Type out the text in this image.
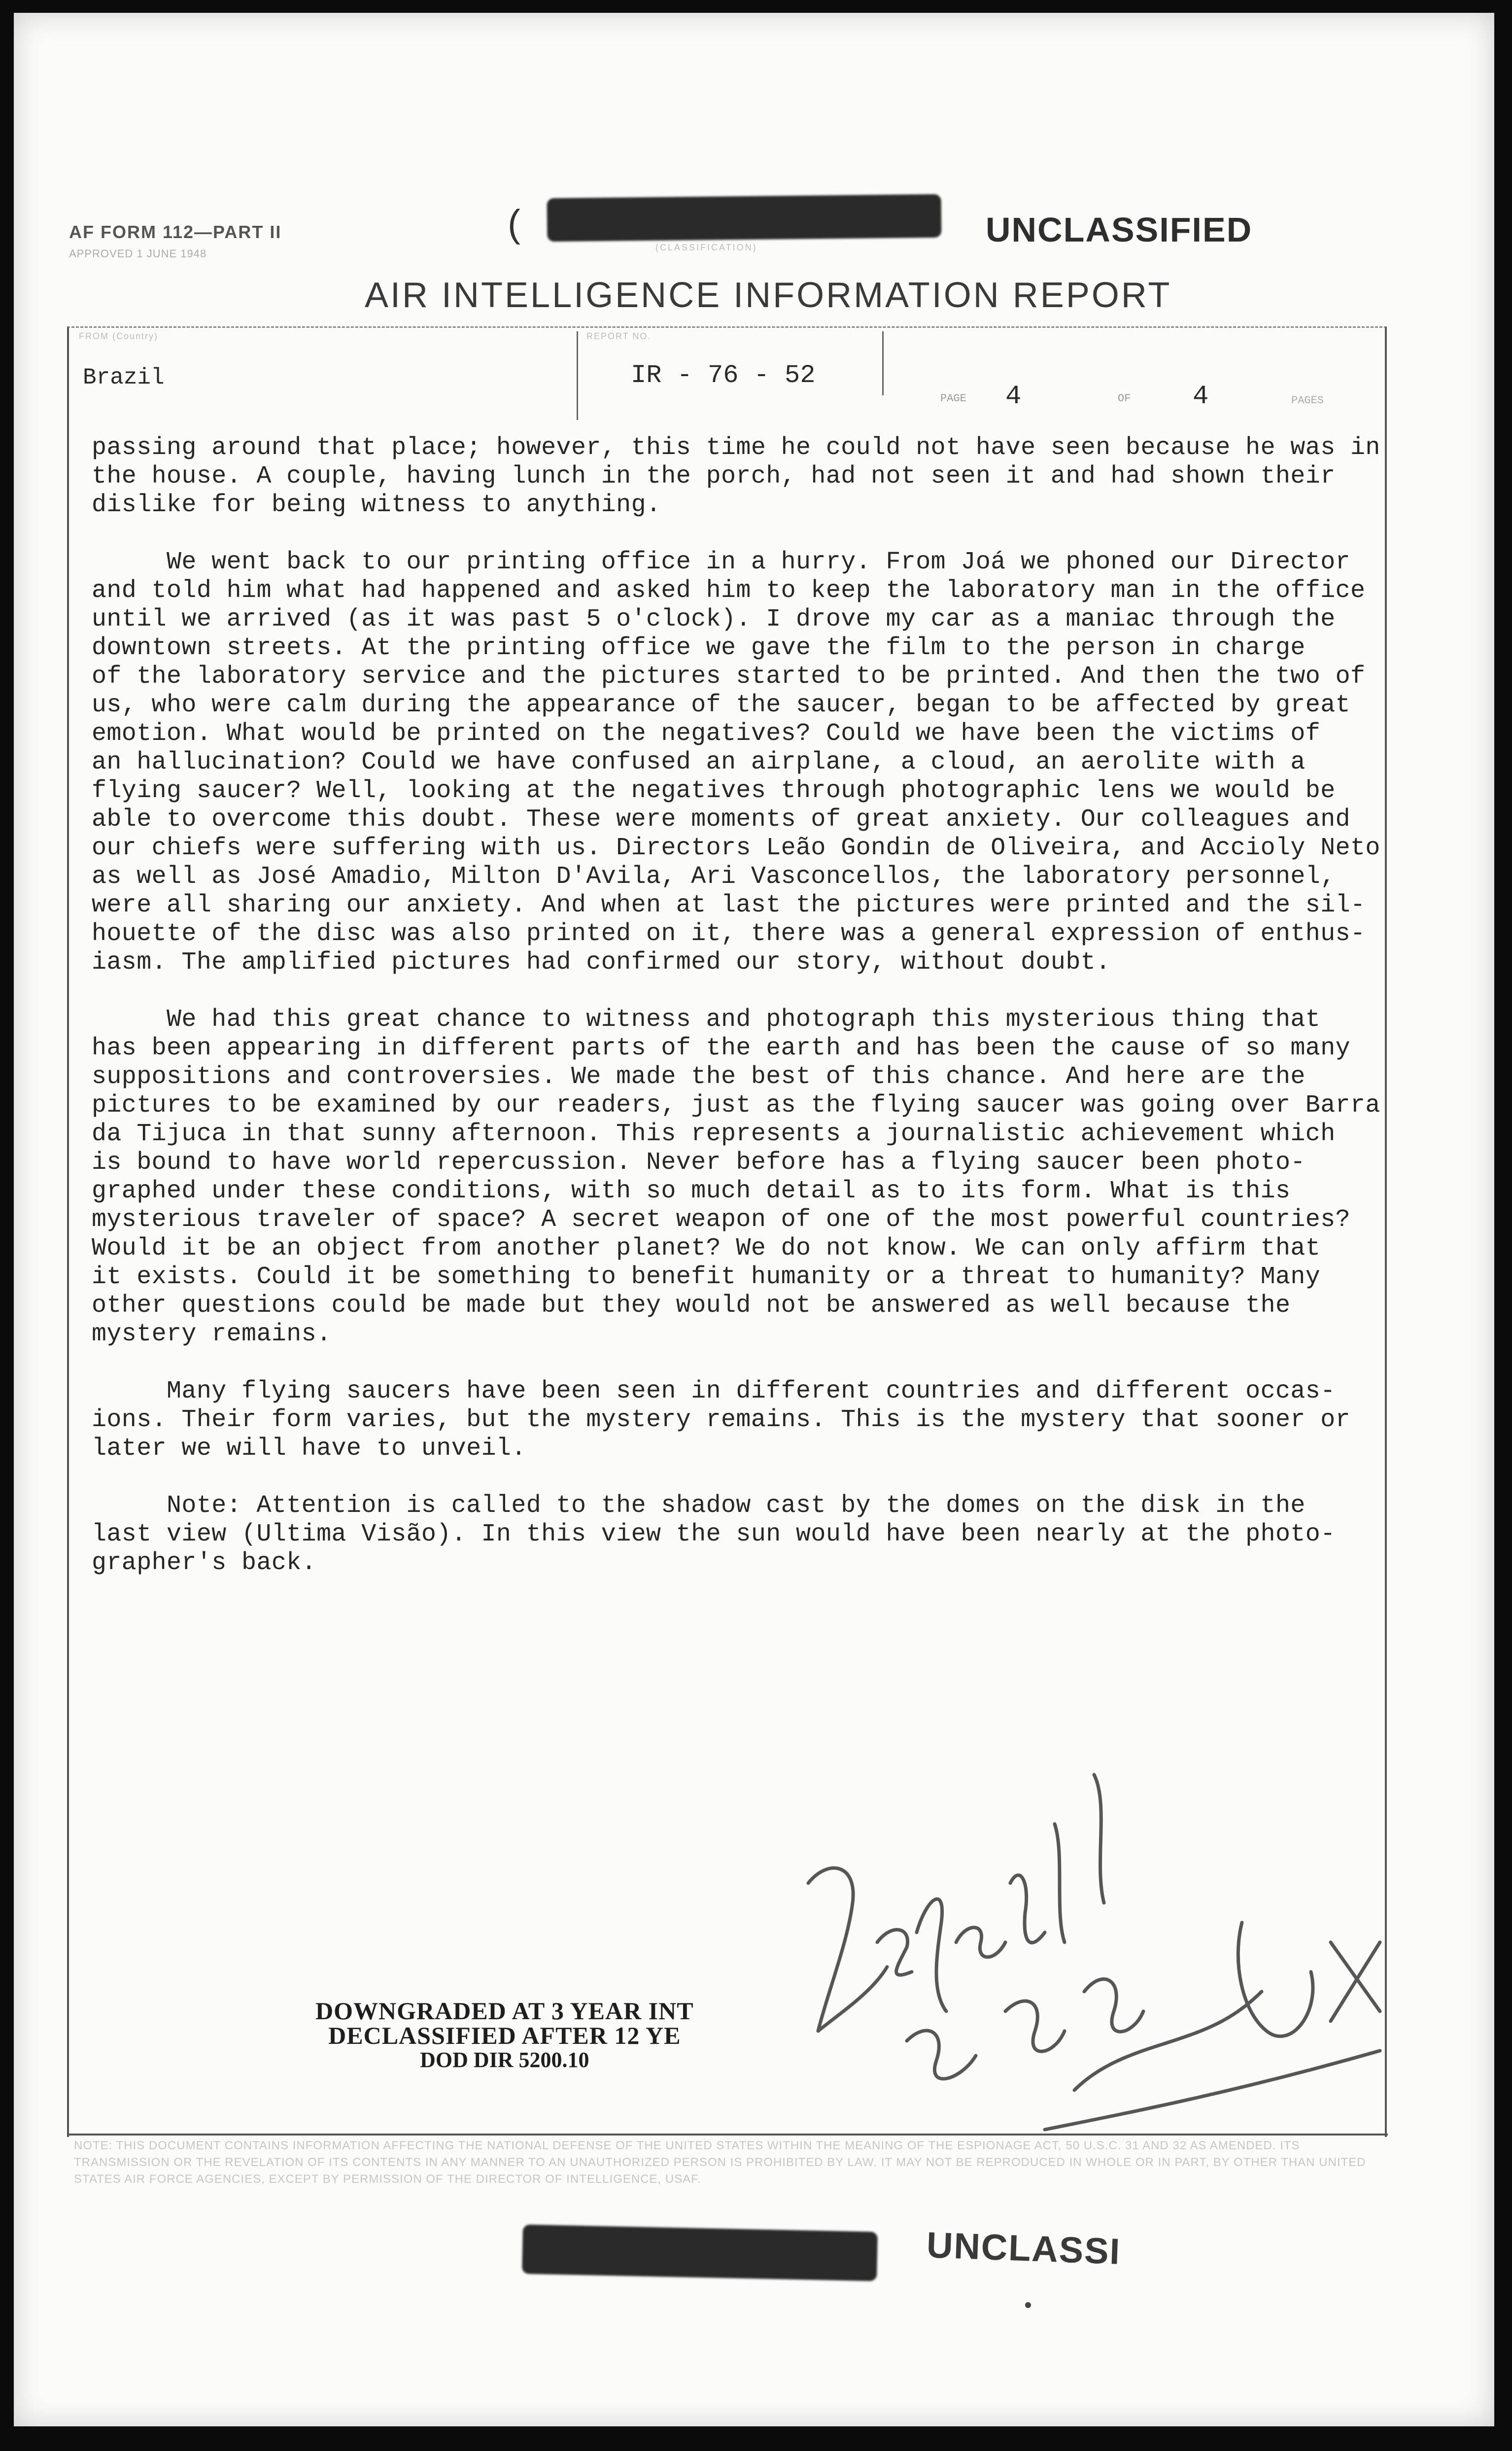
AF FORM 112—PART II
APPROVED 1 JUNE 1948
(
(CLASSIFICATION)	UNCLASSIFIED
AIR INTELLIGENCE INFORMATION REPORT
FROM (Country)	REPORT NO.
Brazil	IR - 76 - 52
PAGE 4	OF 4	PAGES

passing around that place; however, this time he could not have seen because he was in
the house. A couple, having lunch in the porch, had not seen it and had shown their
dislike for being witness to anything.

We went back to our printing office in a hurry. From Joá we phoned our Director
and told him what had happened and asked him to keep the laboratory man in the office
until we arrived (as it was past 5 o'clock). I drove my car as a maniac through the
downtown streets. At the printing office we gave the film to the person in charge
of the laboratory service and the pictures started to be printed. And then the two of
us, who were calm during the appearance of the saucer, began to be affected by great
emotion. What would be printed on the negatives? Could we have been the victims of
an hallucination? Could we have confused an airplane, a cloud, an aerolite with a
flying saucer? Well, looking at the negatives through photographic lens we would be
able to overcome this doubt. These were moments of great anxiety. Our colleagues and
our chiefs were suffering with us. Directors Leão Gondin de Oliveira, and Accioly Neto
as well as José Amadio, Milton D'Avila, Ari Vasconcellos, the laboratory personnel,
were all sharing our anxiety. And when at last the pictures were printed and the sil-
houette of the disc was also printed on it, there was a general expression of enthus-
iasm. The amplified pictures had confirmed our story, without doubt.

We had this great chance to witness and photograph this mysterious thing that
has been appearing in different parts of the earth and has been the cause of so many
suppositions and controversies. We made the best of this chance. And here are the
pictures to be examined by our readers, just as the flying saucer was going over Barra
da Tijuca in that sunny afternoon. This represents a journalistic achievement which
is bound to have world repercussion. Never before has a flying saucer been photo-
graphed under these conditions, with so much detail as to its form. What is this
mysterious traveler of space? A secret weapon of one of the most powerful countries?
Would it be an object from another planet? We do not know. We can only affirm that
it exists. Could it be something to benefit humanity or a threat to humanity? Many
other questions could be made but they would not be answered as well because the
mystery remains.

Many flying saucers have been seen in different countries and different occas-
ions. Their form varies, but the mystery remains. This is the mystery that sooner or
later we will have to unveil.

Note: Attention is called to the shadow cast by the domes on the disk in the
last view (Ultima Visão). In this view the sun would have been nearly at the photo-
grapher's back.

DOWNGRADED AT 3 YEAR INT
DECLASSIFIED AFTER 12 YE
DOD DIR 5200.10
NOTE: THIS DOCUMENT CONTAINS INFORMATION AFFECTING THE NATIONAL DEFENSE OF THE UNITED STATES WITHIN THE MEANING OF THE ESPIONAGE ACT, 50 U.S.C. 31 AND 32 AS AMENDED. ITS TRANSMISSION OR THE REVELATION OF ITS CONTENTS IN ANY MANNER TO AN UNAUTHORIZED PERSON IS PROHIBITED BY LAW. IT MAY NOT BE REPRODUCED IN WHOLE OR IN PART, BY OTHER THAN UNITED STATES AIR FORCE AGENCIES, EXCEPT BY PERMISSION OF THE DIRECTOR OF INTELLIGENCE, USAF.
UNCLASSI
